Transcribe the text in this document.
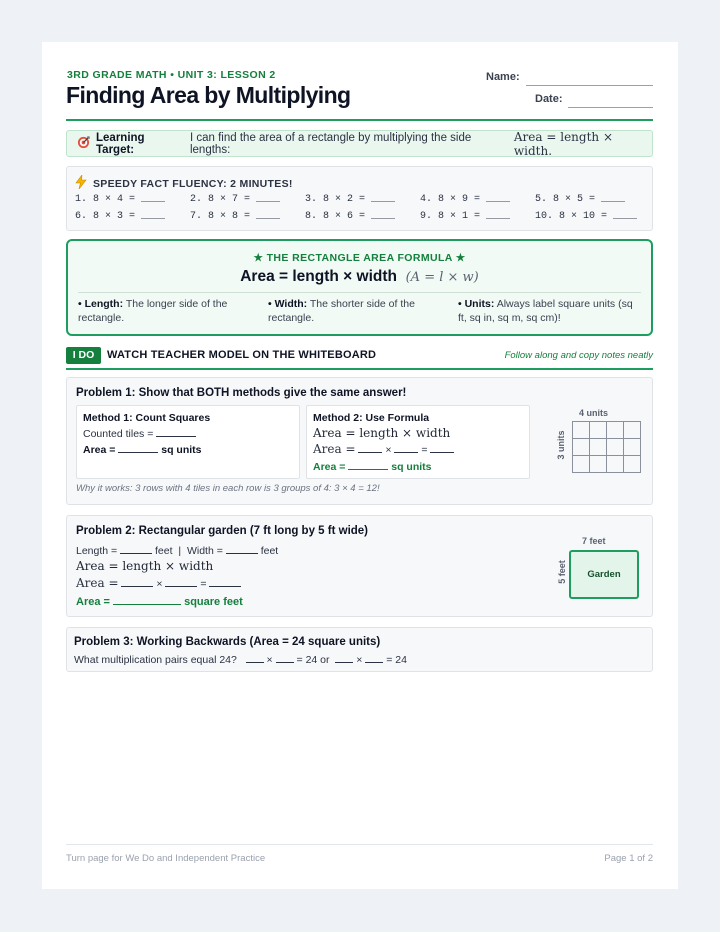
3RD GRADE MATH • UNIT 3: LESSON 2
Finding Area by Multiplying
Name:
Date:
Learning Target:
I can find the area of a rectangle by multiplying the side lengths:
Area = length × width.
SPEEDY FACT FLUENCY: 2 MINUTES!
1. 8 × 4 = ____	2. 8 × 7 = ____	3. 8 × 2 = ____	4. 8 × 9 = ____	5. 8 × 5 = ____
6. 8 × 3 = ____	7. 8 × 8 = ____	8. 8 × 6 = ____	9. 8 × 1 = ____	10. 8 × 10 = ____
★ THE RECTANGLE AREA FORMULA ★
Area = length × width (A = l × w)
• Length: The longer side of the rectangle.
• Width: The shorter side of the rectangle.
• Units: Always label square units (sq ft, sq in, sq m, sq cm)!
I DO	WATCH TEACHER MODEL ON THE WHITEBOARD	Follow along and copy notes neatly
Problem 1: Show that BOTH methods give the same answer!
Method 1: Count Squares
Counted tiles =
Area =	sq units
Method 2: Use Formula
Area = length × width
Area =	×	=
Area =	sq units
4 units
3 units
Why it works: 3 rows with 4 tiles in each row is 3 groups of 4: 3 × 4 = 12!
Problem 2: Rectangular garden (7 ft long by 5 ft wide)
Length =	feet | Width =	feet
Area = length × width
Area =	×	=
Area =	square feet
7 feet
5 feet	Garden
Problem 3: Working Backwards (Area = 24 square units)
What multiplication pairs equal 24?	× = 24 or	× = 24
Turn page for We Do and Independent Practice	Page 1 of 2
